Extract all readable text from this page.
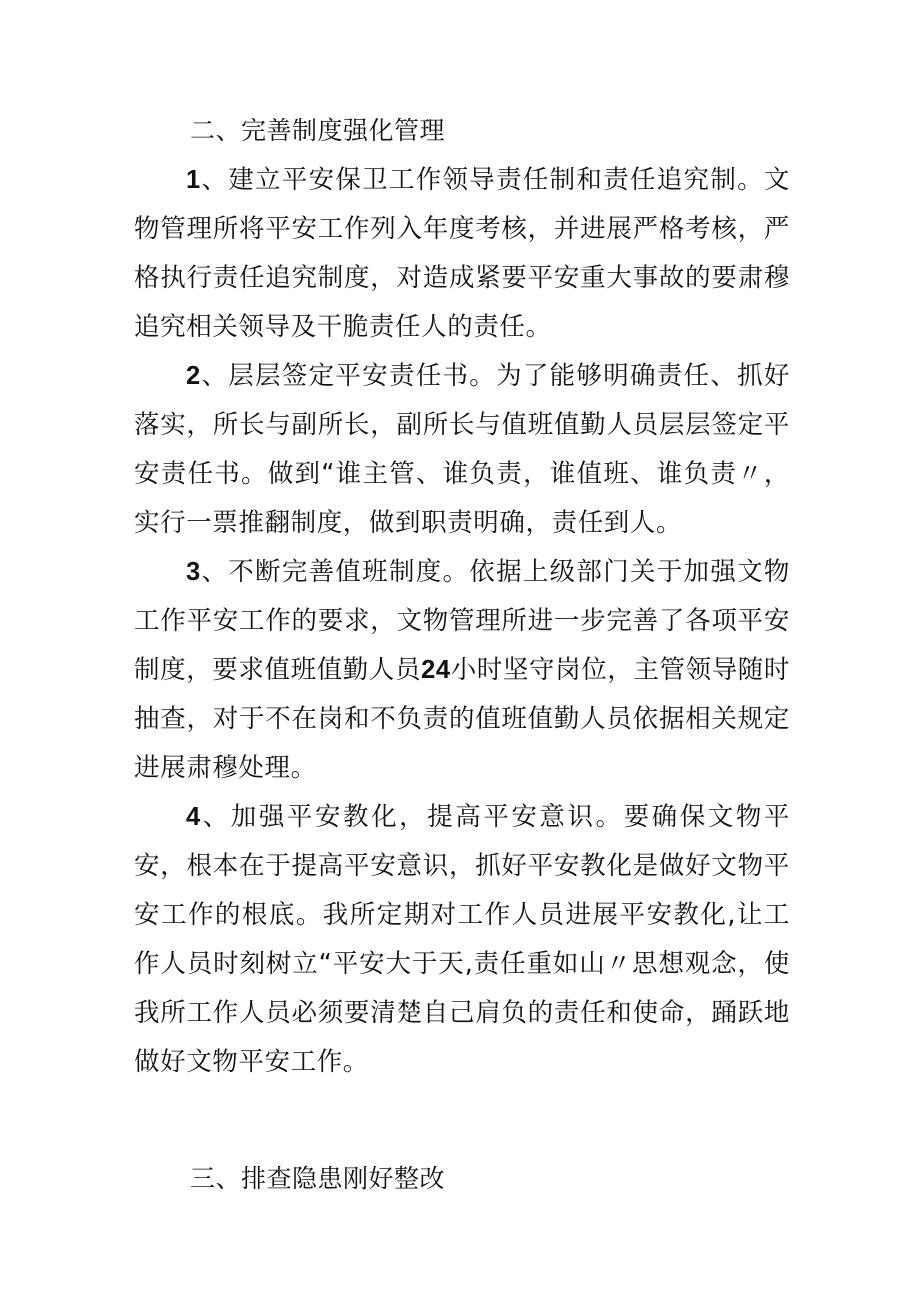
二、完善制度强化管理
1、建立平安保卫工作领导责任制和责任追究制。文物管理所将平安工作列入年度考核，并进展严格考核，严格执行责任追究制度，对造成紧要平安重大事故的要肃穆追究相关领导及干脆责任人的责任。
2、层层签定平安责任书。为了能够明确责任、抓好落实，所长与副所长，副所长与值班值勤人员层层签定平安责任书。做到“谁主管、谁负责，谁值班、谁负责〃，实行一票推翻制度，做到职责明确，责任到人。
3、不断完善值班制度。依据上级部门关于加强文物工作平安工作的要求，文物管理所进一步完善了各项平安制度，要求值班值勤人员24小时坚守岗位，主管领导随时抽查，对于不在岗和不负责的值班值勤人员依据相关规定进展肃穆处理。
4、加强平安教化，提高平安意识。要确保文物平安，根本在于提高平安意识，抓好平安教化是做好文物平安工作的根底。我所定期对工作人员进展平安教化,让工作人员时刻树立“平安大于天,责任重如山〃思想观念，使我所工作人员必须要清楚自己肩负的责任和使命，踊跃地做好文物平安工作。
三、排查隐患刚好整改
